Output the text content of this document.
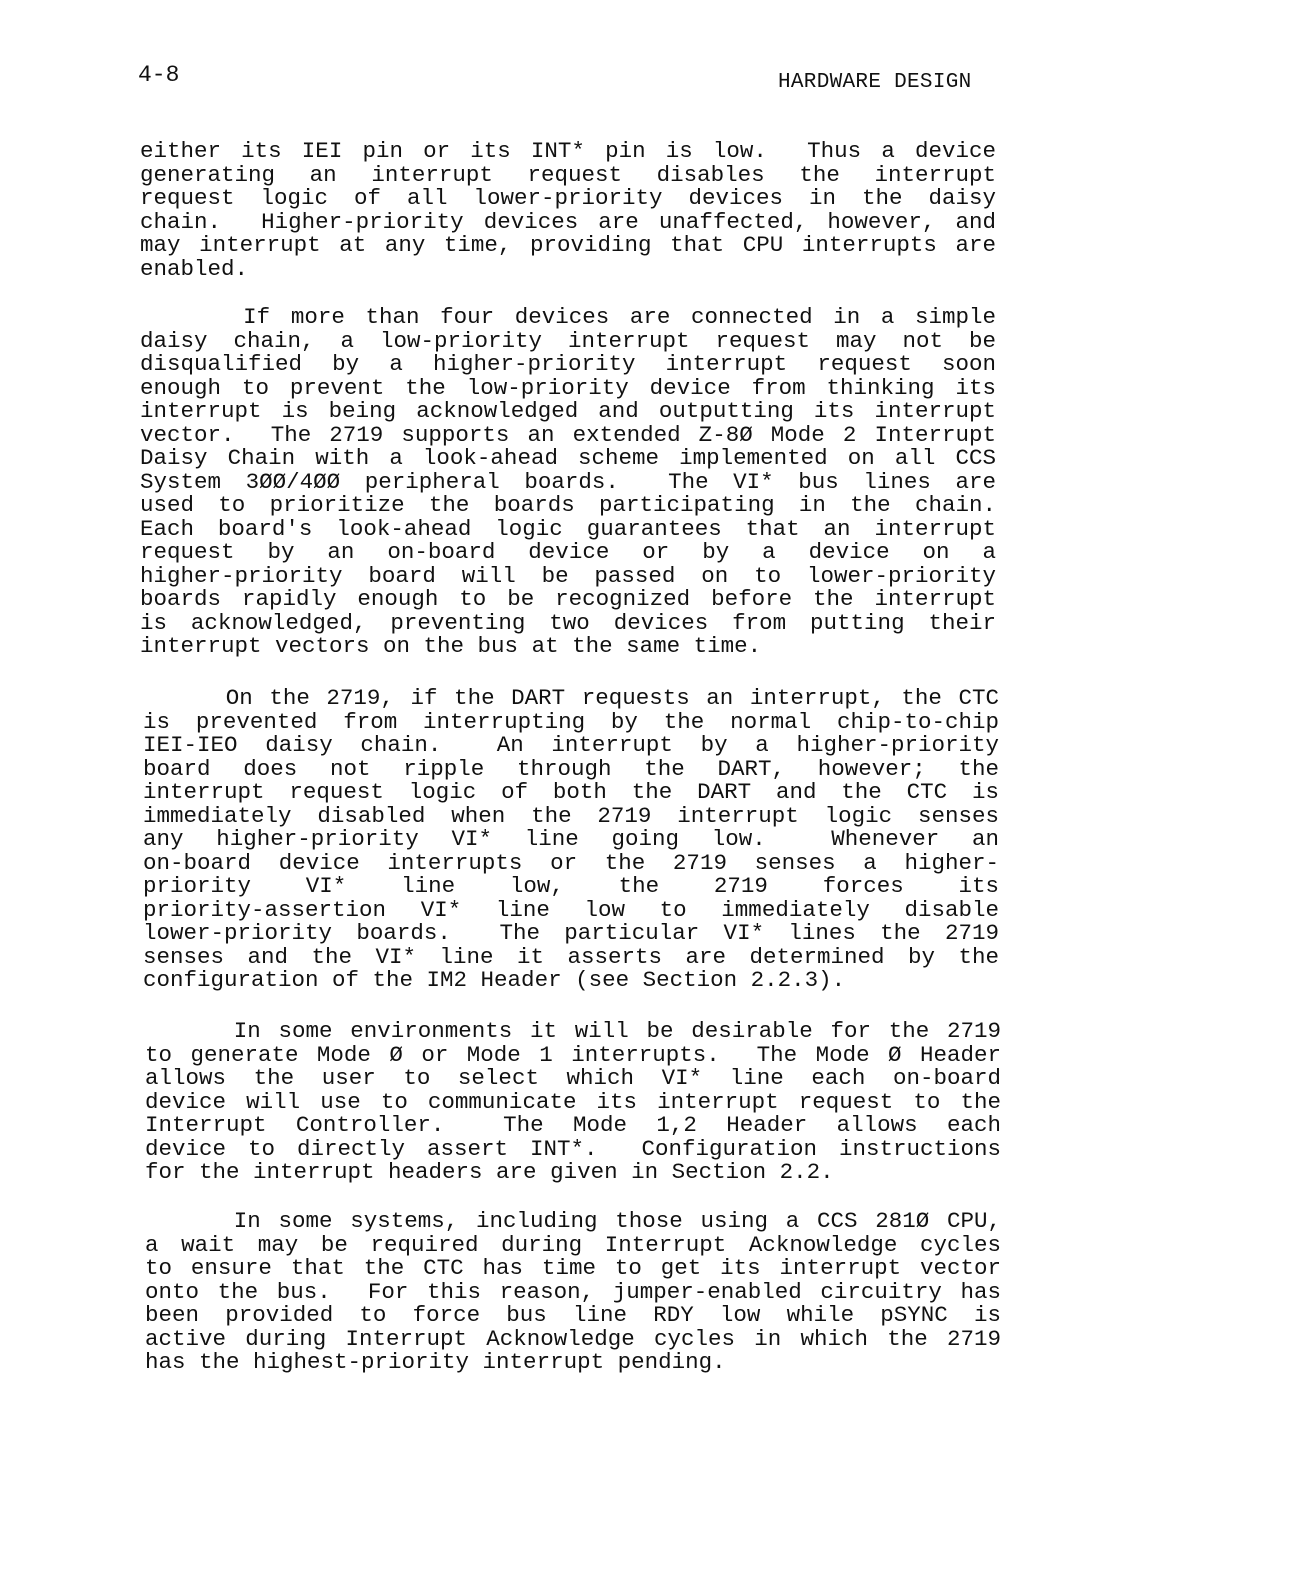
4-8	HARDWARE DESIGN
either its IEI pin or its INT* pin is low.  Thus a device
generating an interrupt request disables the interrupt
request logic of all lower-priority devices in the daisy
chain.  Higher-priority devices are unaffected, however, and
may interrupt at any time, providing that CPU interrupts are
enabled.
If more than four devices are connected in a simple
daisy chain, a low-priority interrupt request may not be
disqualified by a higher-priority interrupt request soon
enough to prevent the low-priority device from thinking its
interrupt is being acknowledged and outputting its interrupt
vector.  The 2719 supports an extended Z-8Ø Mode 2 Interrupt
Daisy Chain with a look-ahead scheme implemented on all CCS
System 3ØØ/4ØØ peripheral boards.  The VI* bus lines are
used to prioritize the boards participating in the chain.
Each board's look-ahead logic guarantees that an interrupt
request by an on-board device or by a device on a
higher-priority board will be passed on to lower-priority
boards rapidly enough to be recognized before the interrupt
is acknowledged, preventing two devices from putting their
interrupt vectors on the bus at the same time.
On the 2719, if the DART requests an interrupt, the CTC
is prevented from interrupting by the normal chip-to-chip
IEI-IEO daisy chain.  An interrupt by a higher-priority
board does not ripple through the DART, however; the
interrupt request logic of both the DART and the CTC is
immediately disabled when the 2719 interrupt logic senses
any higher-priority VI* line going low.  Whenever an
on-board device interrupts or the 2719 senses a higher-
priority VI* line low, the 2719 forces its
priority-assertion VI* line low to immediately disable
lower-priority boards.  The particular VI* lines the 2719
senses and the VI* line it asserts are determined by the
configuration of the IM2 Header (see Section 2.2.3).
In some environments it will be desirable for the 2719
to generate Mode Ø or Mode 1 interrupts.  The Mode Ø Header
allows the user to select which VI* line each on-board
device will use to communicate its interrupt request to the
Interrupt Controller.  The Mode 1,2 Header allows each
device to directly assert INT*.  Configuration instructions
for the interrupt headers are given in Section 2.2.
In some systems, including those using a CCS 281Ø CPU,
a wait may be required during Interrupt Acknowledge cycles
to ensure that the CTC has time to get its interrupt vector
onto the bus.  For this reason, jumper-enabled circuitry has
been provided to force bus line RDY low while pSYNC is
active during Interrupt Acknowledge cycles in which the 2719
has the highest-priority interrupt pending.
